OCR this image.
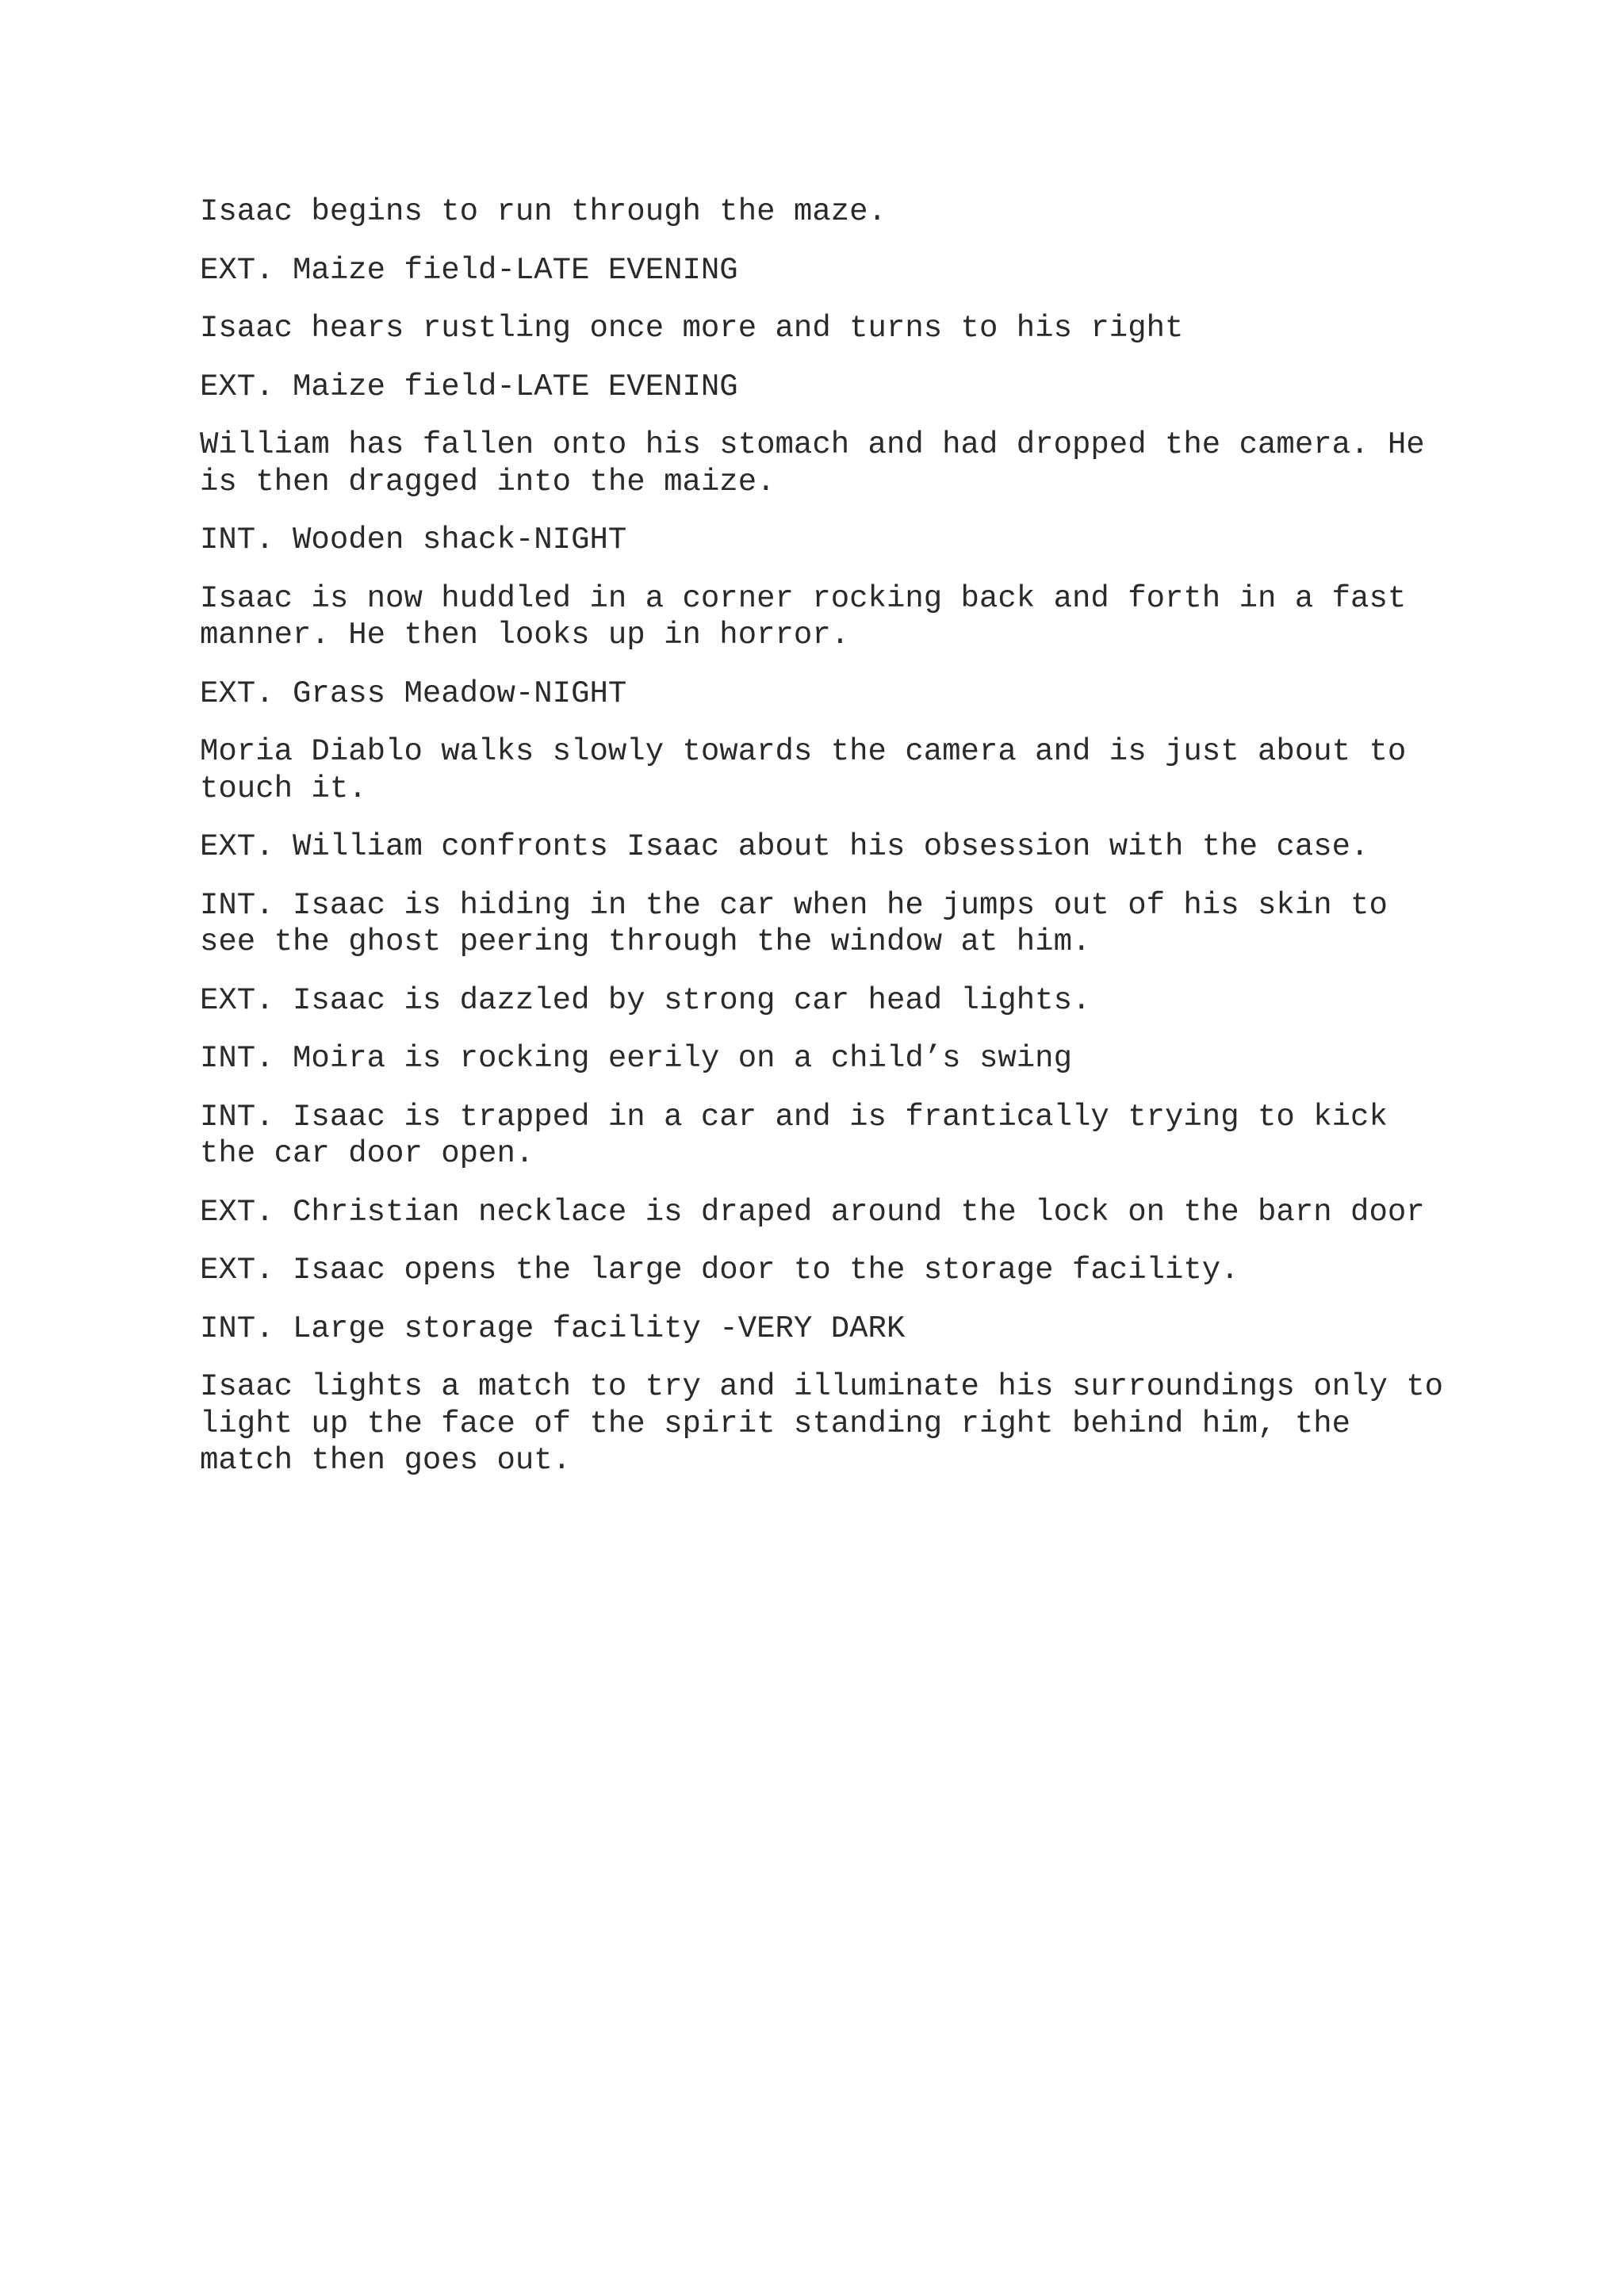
Isaac begins to run through the maze.

EXT. Maize field-LATE EVENING

Isaac hears rustling once more and turns to his right

EXT. Maize field-LATE EVENING

William has fallen onto his stomach and had dropped the camera. He is then dragged into the maize.

INT. Wooden shack-NIGHT

Isaac is now huddled in a corner rocking back and forth in a fast manner. He then looks up in horror.

EXT. Grass Meadow-NIGHT

Moria Diablo walks slowly towards the camera and is just about to touch it.

EXT. William confronts Isaac about his obsession with the case.

INT. Isaac is hiding in the car when he jumps out of his skin to see the ghost peering through the window at him.

EXT. Isaac is dazzled by strong car head lights.

INT. Moira is rocking eerily on a child’s swing

INT. Isaac is trapped in a car and is frantically trying to kick the car door open.

EXT. Christian necklace is draped around the lock on the barn door

EXT. Isaac opens the large door to the storage facility.

INT. Large storage facility -VERY DARK

Isaac lights a match to try and illuminate his surroundings only to light up the face of the spirit standing right behind him, the match then goes out.
